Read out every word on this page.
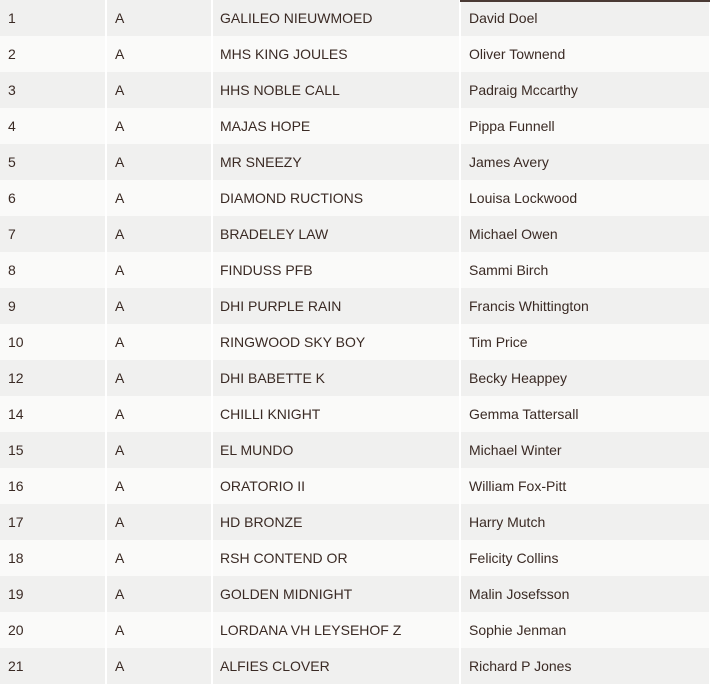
1	A	GALILEO NIEUWMOED	David Doel
2	A	MHS KING JOULES	Oliver Townend
3	A	HHS NOBLE CALL	Padraig Mccarthy
4	A	MAJAS HOPE	Pippa Funnell
5	A	MR SNEEZY	James Avery
6	A	DIAMOND RUCTIONS	Louisa Lockwood
7	A	BRADELEY LAW	Michael Owen
8	A	FINDUSS PFB	Sammi Birch
9	A	DHI PURPLE RAIN	Francis Whittington
10	A	RINGWOOD SKY BOY	Tim Price
12	A	DHI BABETTE K	Becky Heappey
14	A	CHILLI KNIGHT	Gemma Tattersall
15	A	EL MUNDO	Michael Winter
16	A	ORATORIO II	William Fox-Pitt
17	A	HD BRONZE	Harry Mutch
18	A	RSH CONTEND OR	Felicity Collins
19	A	GOLDEN MIDNIGHT	Malin Josefsson
20	A	LORDANA VH LEYSEHOF Z	Sophie Jenman
21	A	ALFIES CLOVER	Richard P Jones
